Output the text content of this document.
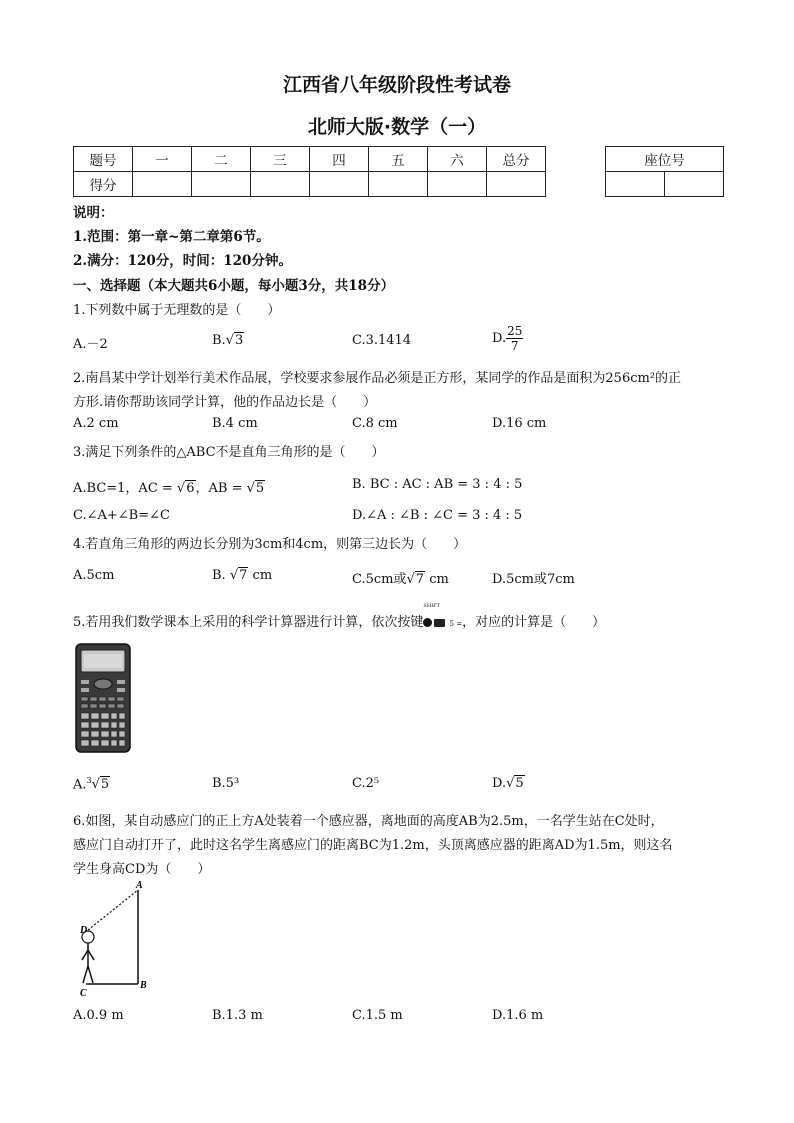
江西省八年级阶段性考试卷
北师大版·数学（一）
题号	一	二	三	四	五	六	总分
得分							
座位号

说明：
1.范围：第一章~第二章第6节。
2.满分：120分，时间：120分钟。
一、选择题（本大题共6小题，每小题3分，共18分）
1.下列数中属于无理数的是（　　）
A.－2	B.√3	C.3.1414	D. $\frac{25}{7}$
2.南昌某中学计划举行美术作品展，学校要求参展作品必须是正方形，某同学的作品是面积为256cm²的正
方形.请你帮助该同学计算，他的作品边长是（　　）
A.2 cm	B.4 cm	C.8 cm	D.16 cm
3.满足下列条件的△ABC不是直角三角形的是（　　）
A.BC=1，AC = √6，AB = √5	B. BC : AC : AB = 3 : 4 : 5
C.∠A+∠B=∠C	D.∠A : ∠B : ∠C = 3 : 4 : 5
4.若直角三角形的两边长分别为3cm和4cm，则第三边长为（　　）
A.5cm	B. √7 cm	C.5cm或√7 cm	D.5cm或7cm
5.若用我们数学课本上采用的科学计算器进行计算，依次按键
SHIFT
5 =，对应的计算是（　　）
A.$^3$√5	B.5³	C.2⁵	D.√5
6.如图，某自动感应门的正上方A处装着一个感应器，离地面的高度AB为2.5m，一名学生站在C处时，
感应门自动打开了，此时这名学生离感应门的距离BC为1.2m，头顶离感应器的距离AD为1.5m，则这名
学生身高CD为（　　）
A
B
C
D
A.0.9 m	B.1.3 m	C.1.5 m	D.1.6 m
